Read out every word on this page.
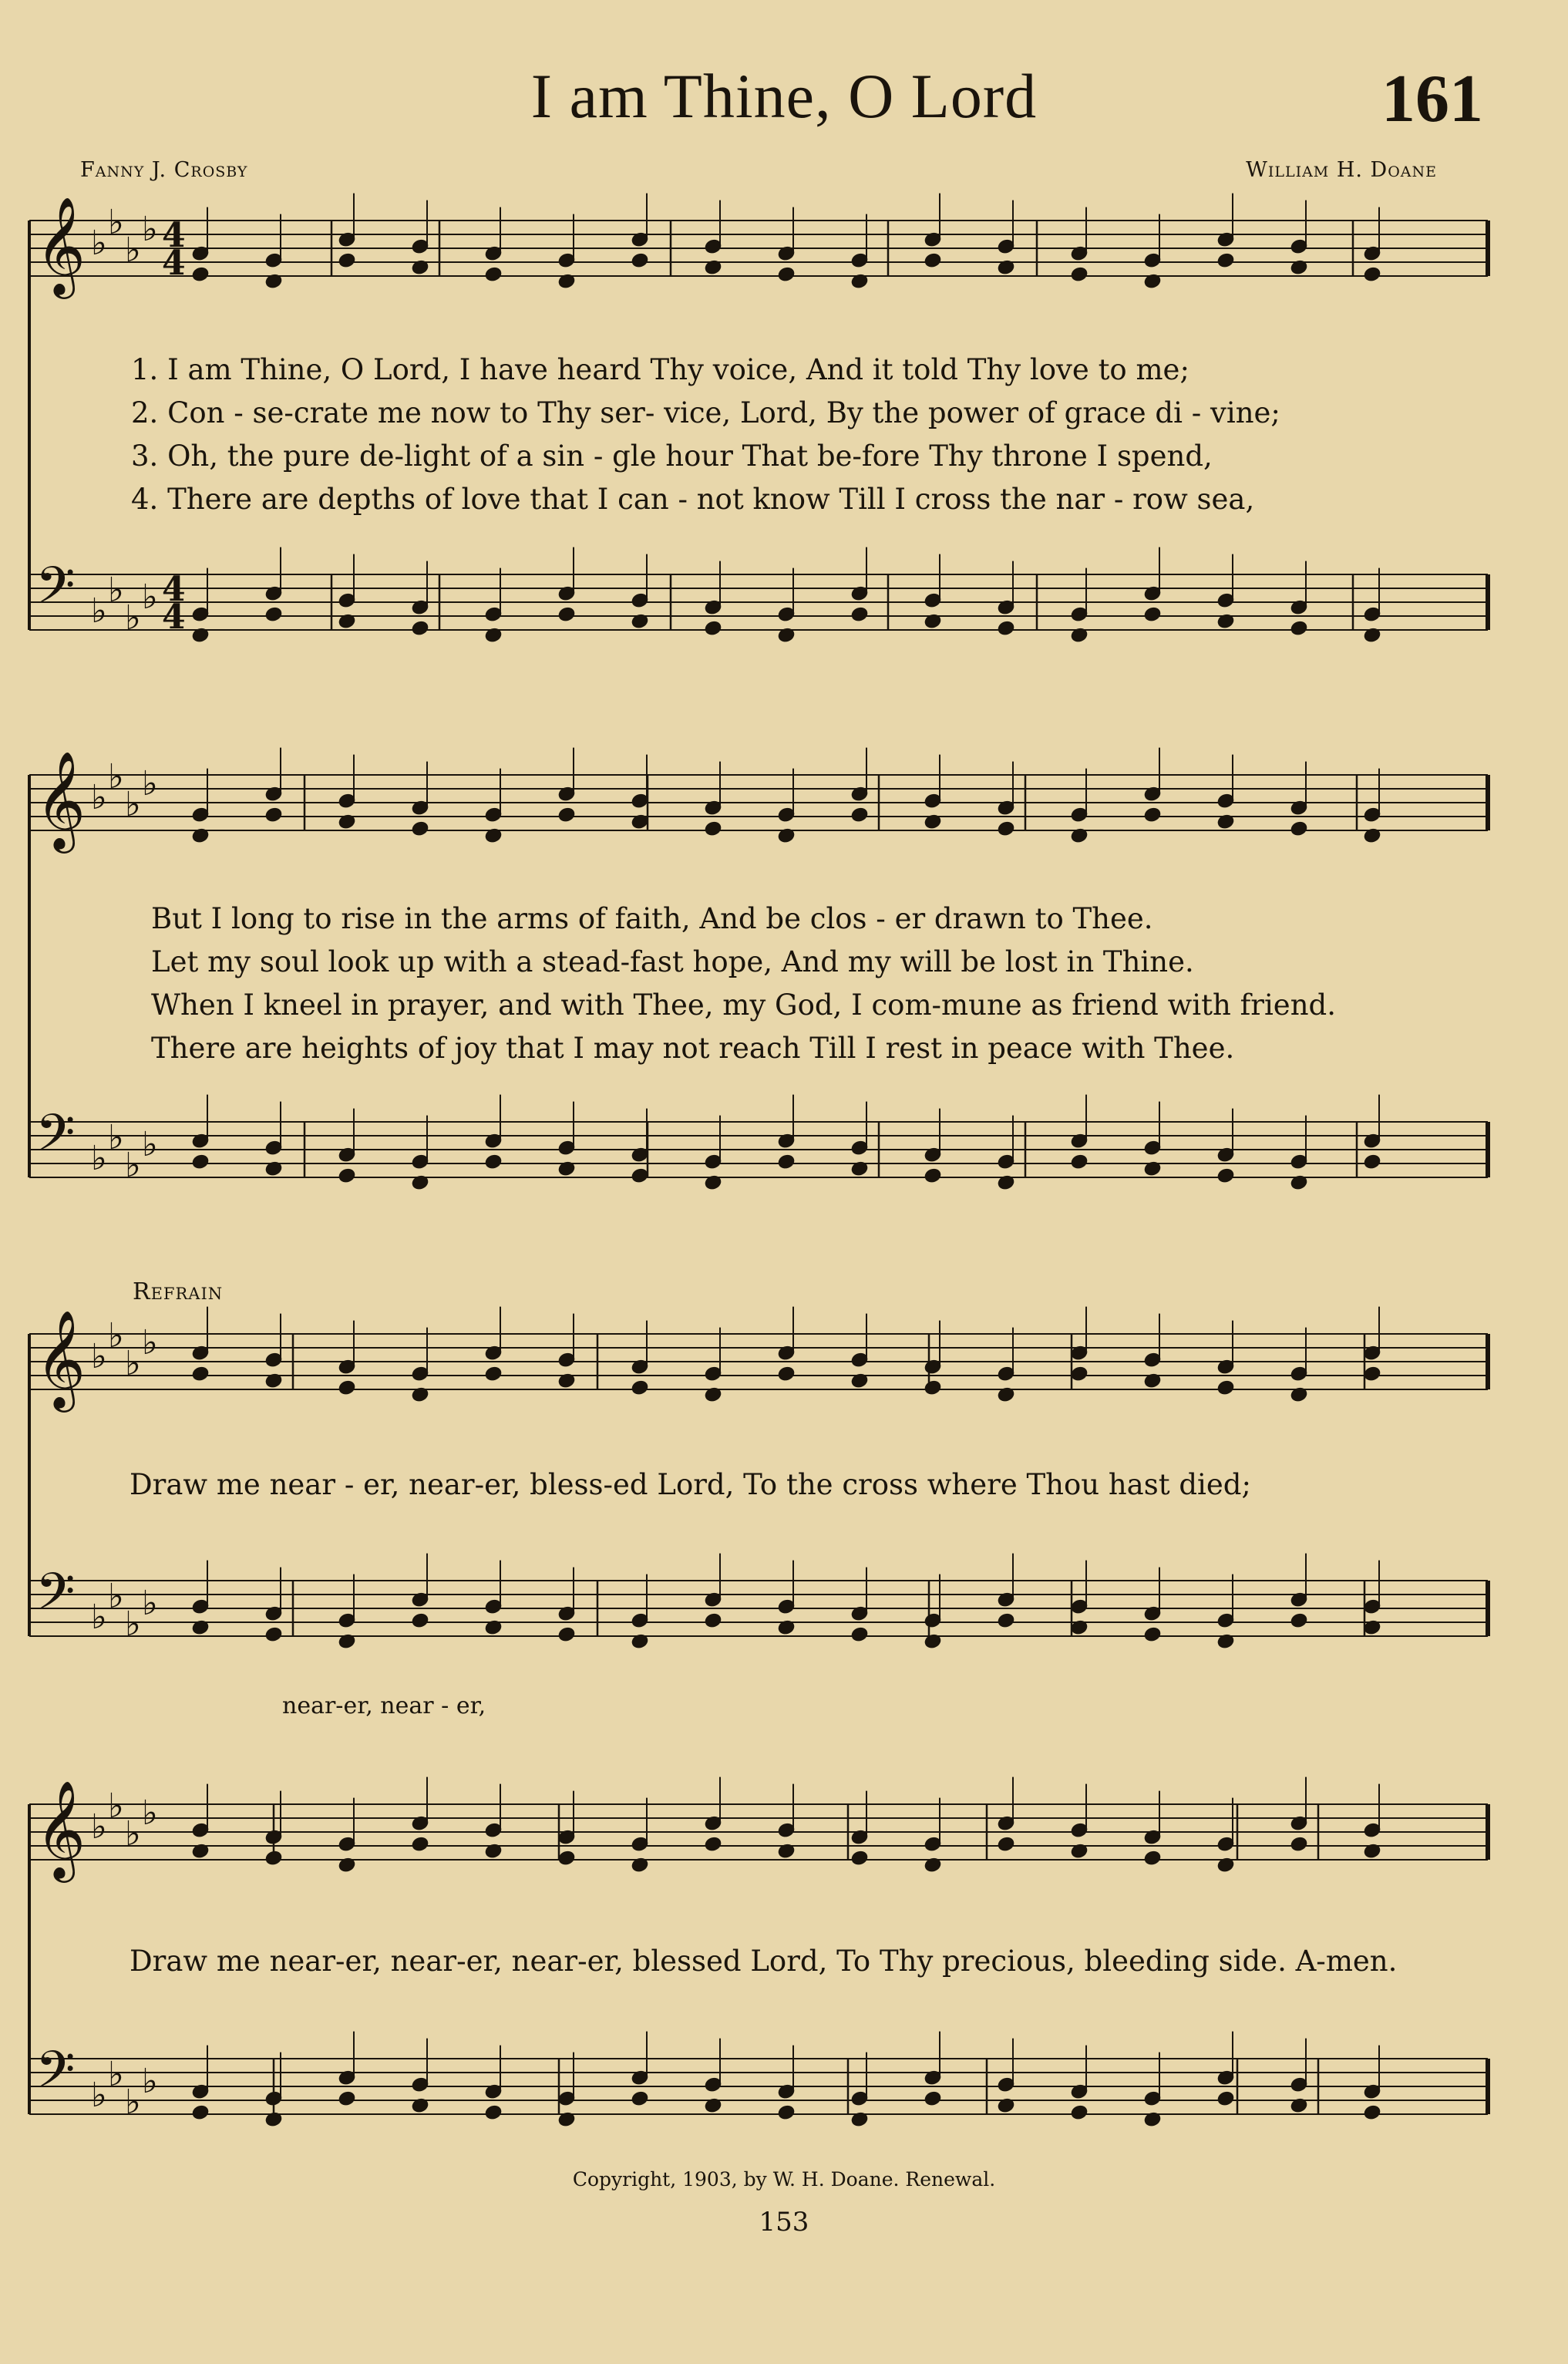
I am Thine, O Lord	161
Fanny J. Crosby	William H. Doane
𝄞
𝄢
♭
♭
♭
♭
♭
♭
♭
♭
4
4
4
4
𝄞
𝄢
♭
♭
♭
♭
♭
♭
♭
♭
𝄞
𝄢
♭
♭
♭
♭
♭
♭
♭
♭
𝄞
𝄢
♭
♭
♭
♭
♭
♭
♭
♭
1. I am Thine, O Lord, I have heard Thy voice, And it told Thy love to me;
2. Con - se-crate me now to Thy ser- vice, Lord, By the power of grace di - vine;
3. Oh, the pure de-light of a sin - gle hour That be-fore Thy throne I spend,
4. There are depths of love that I can - not know Till I cross the nar - row sea,
But I long to rise in the arms of faith, And be clos - er drawn to Thee.
Let my soul look up with a stead-fast hope, And my will be lost in Thine.
When I kneel in prayer, and with Thee, my God, I com-mune as friend with friend.
There are heights of joy that I may not reach Till I rest in peace with Thee.
Refrain
Draw me near - er, near-er, bless-ed Lord, To the cross where Thou hast died;
near-er, near - er,
Draw me near-er, near-er, near-er, blessed Lord, To Thy precious, bleeding side. A-men.
Copyright, 1903, by W. H. Doane. Renewal.
153
